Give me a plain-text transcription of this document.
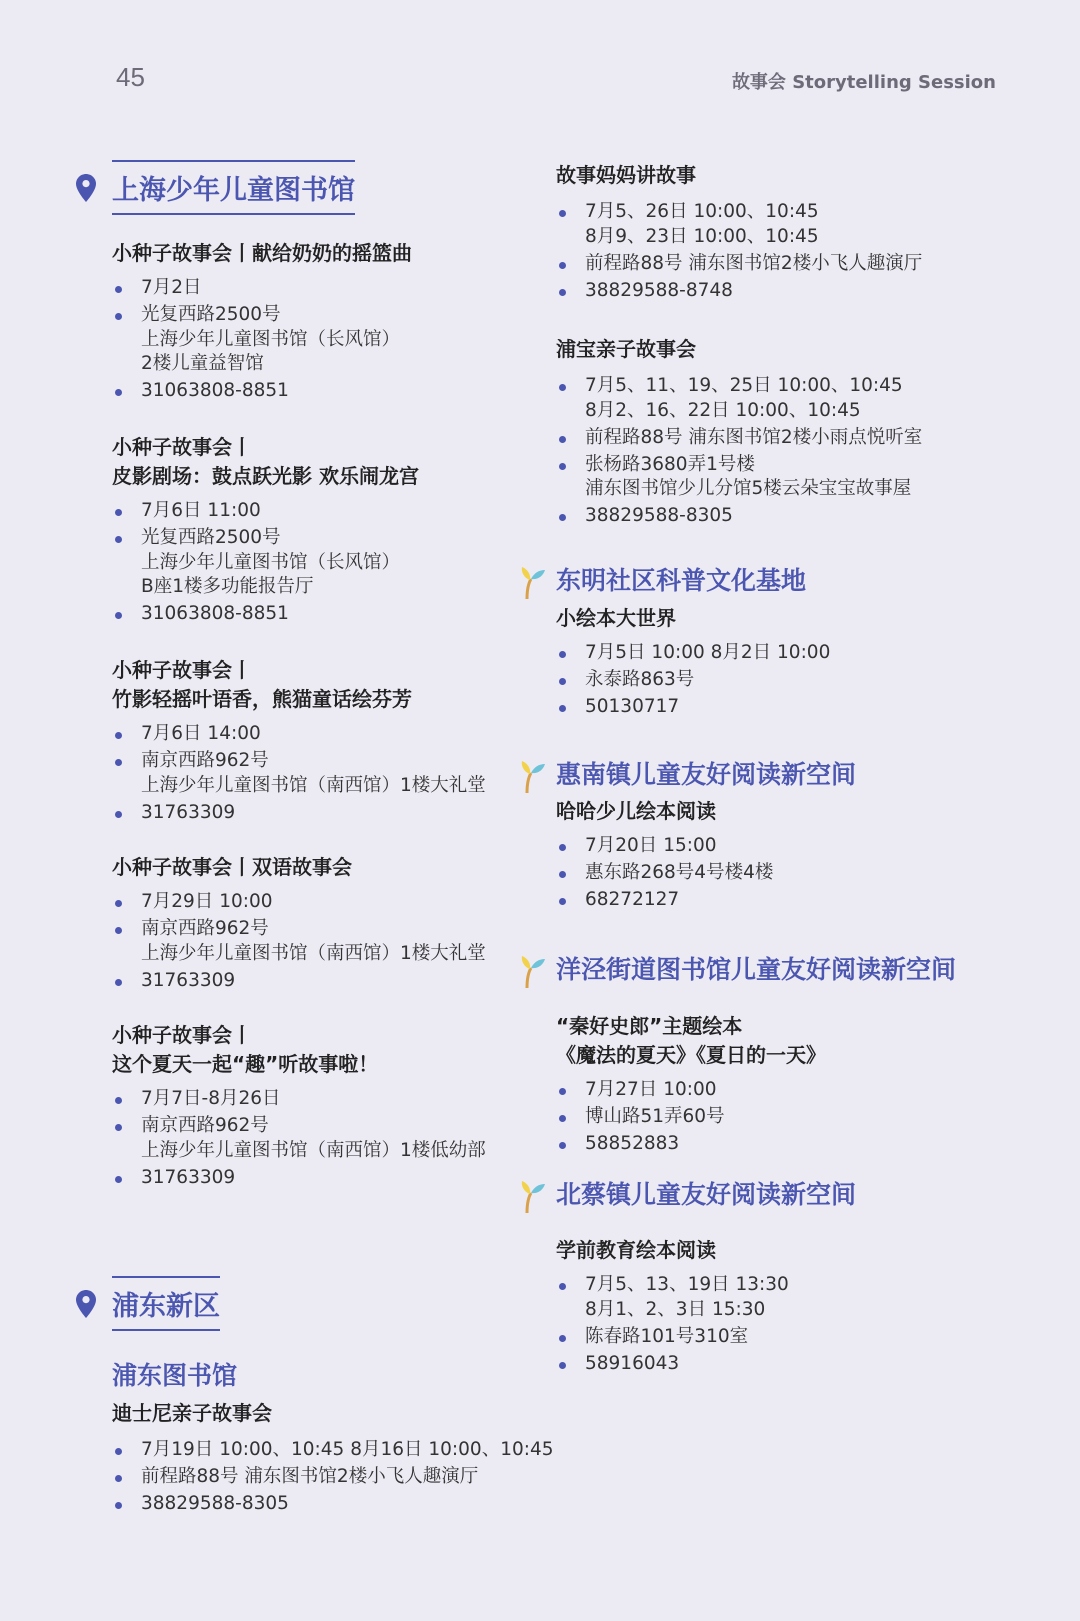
45	故事会 Storytelling Session
上海少年儿童图书馆
小种子故事会丨献给奶奶的摇篮曲
7月2日
光复西路2500号
上海少年儿童图书馆（长风馆）
2楼儿童益智馆
31063808-8851
小种子故事会丨
皮影剧场：鼓点跃光影 欢乐闹龙宫
7月6日 11:00
光复西路2500号
上海少年儿童图书馆（长风馆）
B座1楼多功能报告厅
31063808-8851
小种子故事会丨
竹影轻摇叶语香，熊猫童话绘芬芳
7月6日 14:00
南京西路962号
上海少年儿童图书馆（南西馆）1楼大礼堂
31763309
小种子故事会丨双语故事会
7月29日 10:00
南京西路962号
上海少年儿童图书馆（南西馆）1楼大礼堂
31763309
小种子故事会丨
这个夏天一起“趣”听故事啦！
7月7日-8月26日
南京西路962号
上海少年儿童图书馆（南西馆）1楼低幼部
31763309
浦东新区
浦东图书馆
迪士尼亲子故事会
7月19日 10:00、10:45 8月16日 10:00、10:45
前程路88号 浦东图书馆2楼小飞人趣演厅
38829588-8305
故事妈妈讲故事
7月5、26日 10:00、10:45
8月9、23日 10:00、10:45
前程路88号 浦东图书馆2楼小飞人趣演厅
38829588-8748
浦宝亲子故事会
7月5、11、19、25日 10:00、10:45
8月2、16、22日 10:00、10:45
前程路88号 浦东图书馆2楼小雨点悦听室
张杨路3680弄1号楼
浦东图书馆少儿分馆5楼云朵宝宝故事屋
38829588-8305
东明社区科普文化基地
小绘本大世界
7月5日 10:00 8月2日 10:00
永泰路863号
50130717
惠南镇儿童友好阅读新空间
哈哈少儿绘本阅读
7月20日 15:00
惠东路268号4号楼4楼
68272127
洋泾街道图书馆儿童友好阅读新空间
“秦好史郎”主题绘本
《魔法的夏天》《夏日的一天》
7月27日 10:00
博山路51弄60号
58852883
北蔡镇儿童友好阅读新空间
学前教育绘本阅读
7月5、13、19日 13:30
8月1、2、3日 15:30
陈春路101号310室
58916043
